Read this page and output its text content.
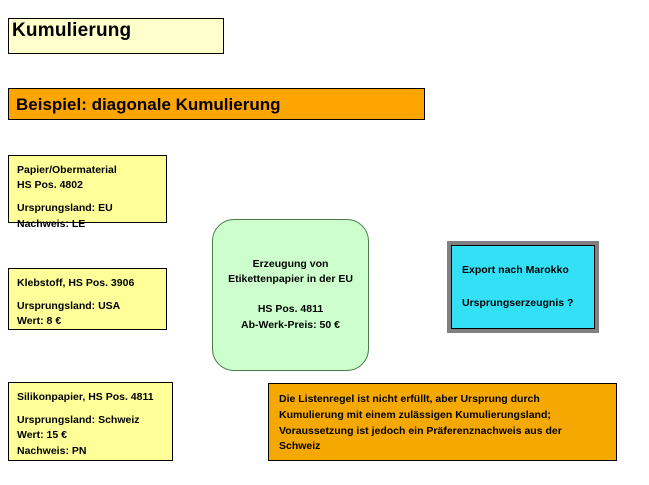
Kumulierung
Beispiel: diagonale Kumulierung
Papier/Obermaterial
HS Pos. 4802
Ursprungsland: EU
Nachweis: LE
Klebstoff, HS Pos. 3906
Ursprungsland: USA
Wert: 8 €
Silikonpapier, HS Pos. 4811
Ursprungsland: Schweiz
Wert: 15 €
Nachweis: PN
Erzeugung von
Etikettenpapier in der EU
HS Pos. 4811
Ab-Werk-Preis: 50 €
Export nach Marokko
Ursprungserzeugnis ?
Die Listenregel ist nicht erfüllt, aber Ursprung durch Kumulierung mit einem zulässigen Kumulierungsland; Voraussetzung ist jedoch ein Präferenznachweis aus der Schweiz
